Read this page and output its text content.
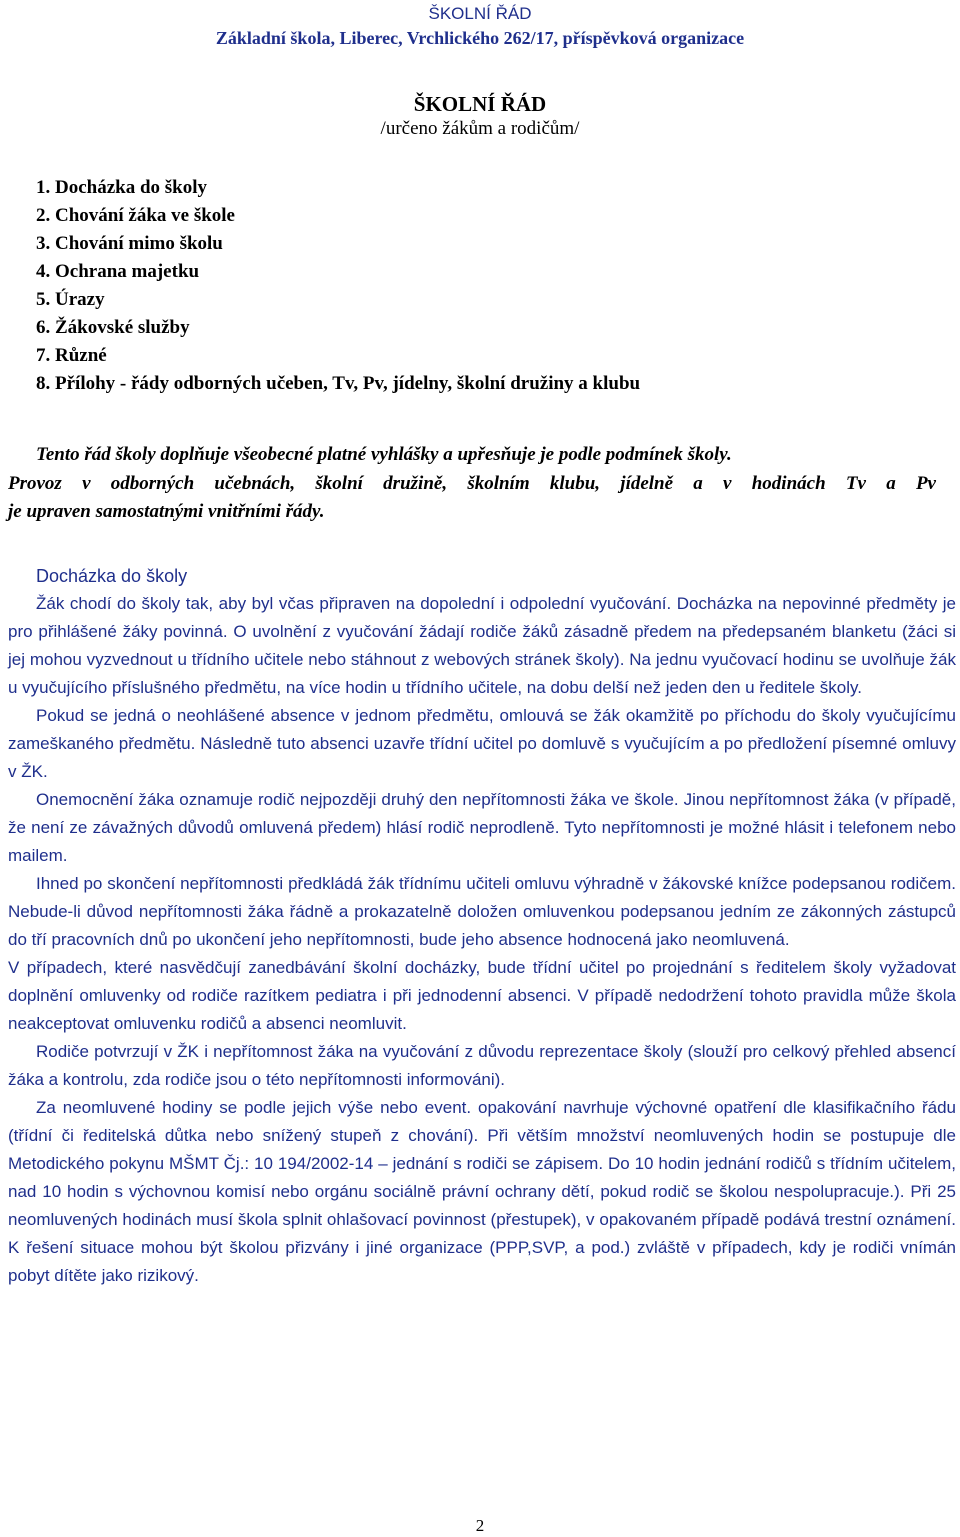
ŠKOLNÍ ŘÁD
Základní škola, Liberec, Vrchlického 262/17, příspěvková organizace
ŠKOLNÍ ŘÁD
/určeno žákům a rodičům/
1. Docházka do školy
2. Chování žáka ve škole
3. Chování mimo školu
4. Ochrana majetku
5. Úrazy
6. Žákovské služby
7. Různé
8. Přílohy - řády odborných učeben, Tv, Pv, jídelny, školní družiny a klubu
Tento řád školy doplňuje všeobecné platné vyhlášky a upřesňuje je podle podmínek školy.
Provoz v odborných učebnách, školní družině, školním klubu, jídelně a v hodinách Tv a Pv
je upraven samostatnými vnitřními řády.
Docházka do školy

Žák chodí do školy tak, aby byl včas připraven na dopolední i odpolední vyučování. Docházka na nepovinné předměty je pro přihlášené žáky povinná. O uvolnění z vyučování žádají rodiče žáků zásadně předem na předepsaném blanketu (žáci si jej mohou vyzvednout u třídního učitele nebo stáhnout z webových stránek školy). Na jednu vyučovací hodinu se uvolňuje žák u vyučujícího příslušného předmětu, na více hodin u třídního učitele, na dobu delší než jeden den u ředitele školy.

Pokud se jedná o neohlášené absence v jednom předmětu, omlouvá se žák okamžitě po příchodu do školy vyučujícímu zameškaného předmětu. Následně tuto absenci uzavře třídní učitel po domluvě s vyučujícím a po předložení písemné omluvy v ŽK.

Onemocnění žáka oznamuje rodič nejpozději druhý den nepřítomnosti žáka ve škole. Jinou nepřítomnost žáka (v případě, že není ze závažných důvodů omluvená předem) hlásí rodič neprodleně. Tyto nepřítomnosti je možné hlásit i telefonem nebo mailem.

Ihned po skončení nepřítomnosti předkládá žák třídnímu učiteli omluvu výhradně v žákovské knížce podepsanou rodičem. Nebude-li důvod nepřítomnosti žáka řádně a prokazatelně doložen omluvenkou podepsanou jedním ze zákonných zástupců do tří pracovních dnů po ukončení jeho nepřítomnosti, bude jeho absence hodnocená jako neomluvená.

V případech, které nasvědčují zanedbávání školní docházky, bude třídní učitel po projednání s ředitelem školy vyžadovat doplnění omluvenky od rodiče razítkem pediatra i při jednodenní absenci. V případě nedodržení tohoto pravidla může škola neakceptovat omluvenku rodičů a absenci neomluvit.

Rodiče potvrzují v ŽK i nepřítomnost žáka na vyučování z důvodu reprezentace školy (slouží pro celkový přehled absencí žáka a kontrolu, zda rodiče jsou o této nepřítomnosti informováni).

Za neomluvené hodiny se podle jejich výše nebo event. opakování navrhuje výchovné opatření dle klasifikačního řádu (třídní či ředitelská důtka nebo snížený stupeň z chování). Při větším množství neomluvených hodin se postupuje dle Metodického pokynu MŠMT Čj.: 10 194/2002-14 – jednání s rodiči se zápisem. Do 10 hodin jednání rodičů s třídním učitelem, nad 10 hodin s výchovnou komisí nebo orgánu sociálně právní ochrany dětí, pokud rodič se školou nespolupracuje.). Při 25 neomluvených hodinách musí škola splnit ohlašovací povinnost (přestupek), v opakovaném případě podává trestní oznámení. K řešení situace mohou být školou přizvány i jiné organizace (PPP,SVP, a pod.) zvláště v případech, kdy je rodiči vnímán pobyt dítěte jako rizikový.

2
